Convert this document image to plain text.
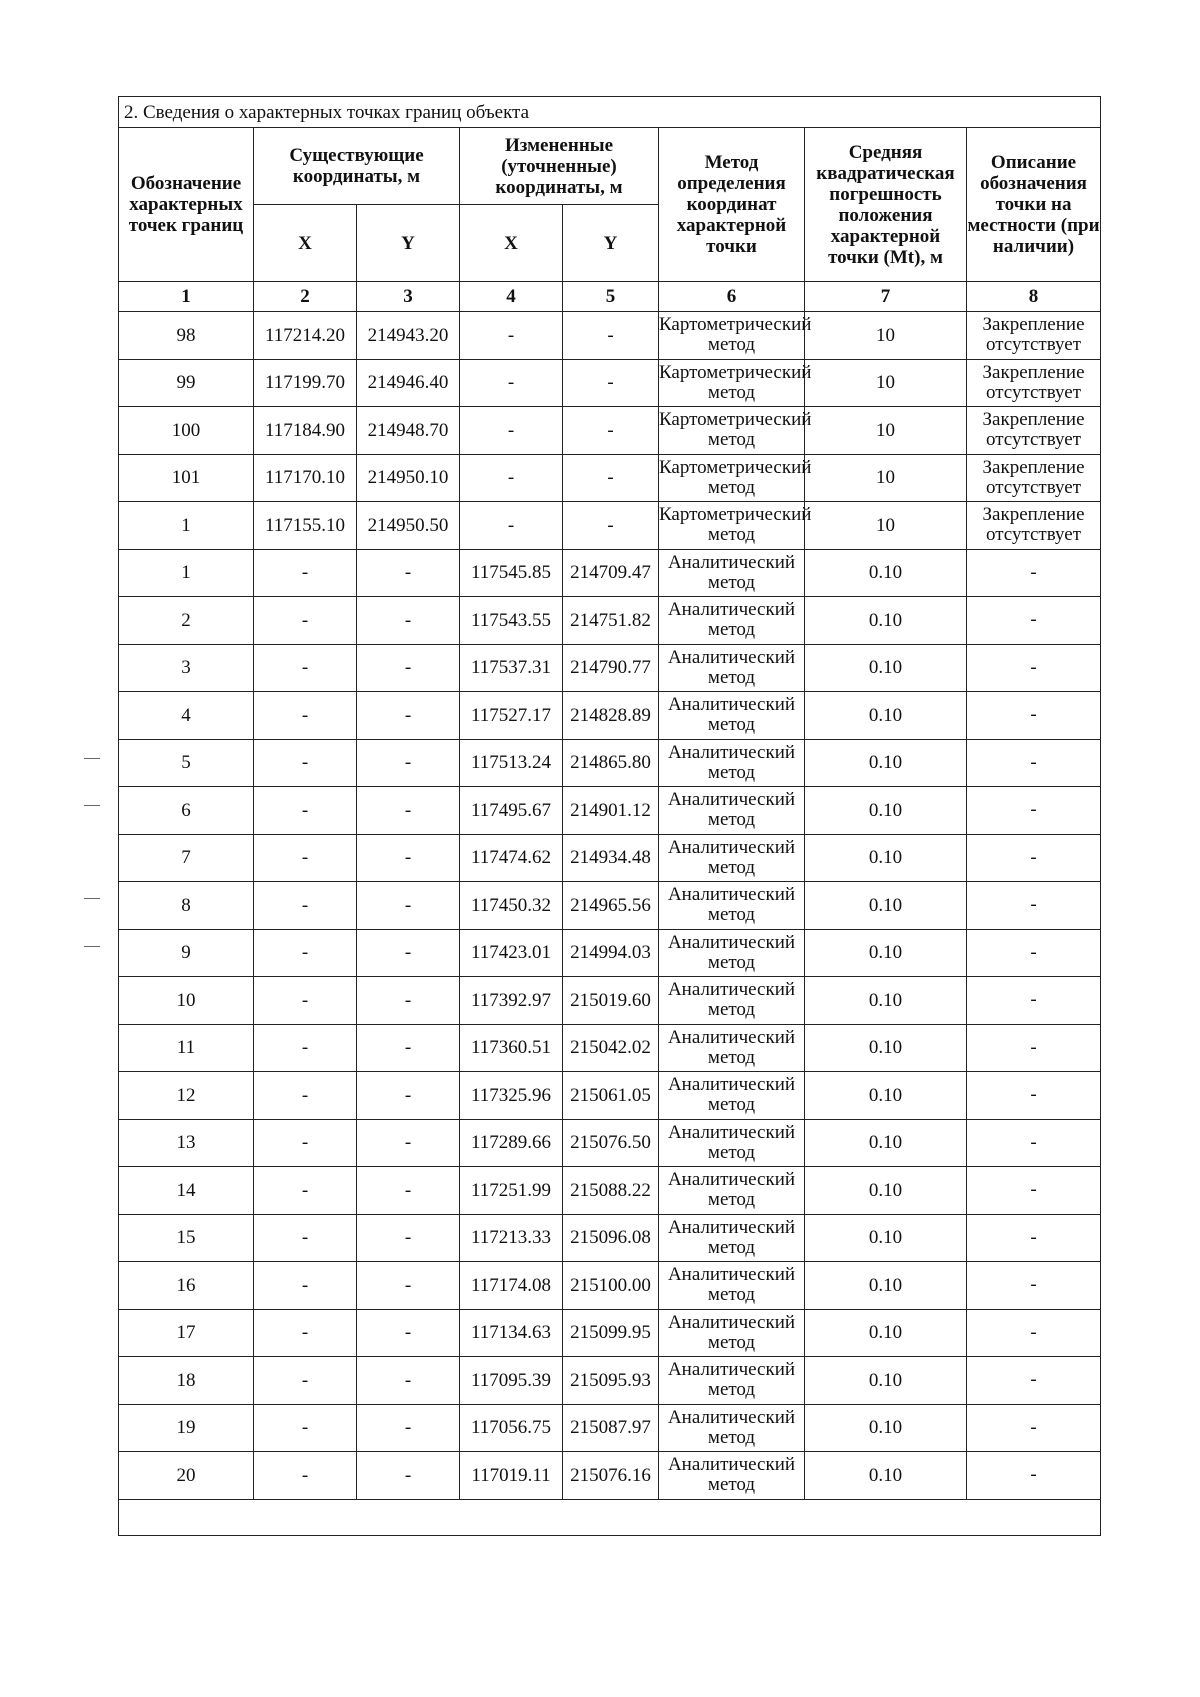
2. Сведения о характерных точках границ объекта							
Обозначение характерных точек границ	Существующие координаты, м		Измененные (уточненные) координаты, м		Метод определения координат характерной точки	Средняя квадратическая погрешность положения характерной точки (Mt), м	Описание обозначения точки на местности (при наличии)
	X	Y	X	Y			
1	2	3	4	5	6	7	8
98	117214.20	214943.20	-	-	Картометрический метод	10	Закрепление отсутствует
99	117199.70	214946.40	-	-	Картометрический метод	10	Закрепление отсутствует
100	117184.90	214948.70	-	-	Картометрический метод	10	Закрепление отсутствует
101	117170.10	214950.10	-	-	Картометрический метод	10	Закрепление отсутствует
1	117155.10	214950.50	-	-	Картометрический метод	10	Закрепление отсутствует
1	-	-	117545.85	214709.47	Аналитический метод	0.10	-
2	-	-	117543.55	214751.82	Аналитический метод	0.10	-
3	-	-	117537.31	214790.77	Аналитический метод	0.10	-
4	-	-	117527.17	214828.89	Аналитический метод	0.10	-
5	-	-	117513.24	214865.80	Аналитический метод	0.10	-
6	-	-	117495.67	214901.12	Аналитический метод	0.10	-
7	-	-	117474.62	214934.48	Аналитический метод	0.10	-
8	-	-	117450.32	214965.56	Аналитический метод	0.10	-
9	-	-	117423.01	214994.03	Аналитический метод	0.10	-
10	-	-	117392.97	215019.60	Аналитический метод	0.10	-
11	-	-	117360.51	215042.02	Аналитический метод	0.10	-
12	-	-	117325.96	215061.05	Аналитический метод	0.10	-
13	-	-	117289.66	215076.50	Аналитический метод	0.10	-
14	-	-	117251.99	215088.22	Аналитический метод	0.10	-
15	-	-	117213.33	215096.08	Аналитический метод	0.10	-
16	-	-	117174.08	215100.00	Аналитический метод	0.10	-
17	-	-	117134.63	215099.95	Аналитический метод	0.10	-
18	-	-	117095.39	215095.93	Аналитический метод	0.10	-
19	-	-	117056.75	215087.97	Аналитический метод	0.10	-
20	-	-	117019.11	215076.16	Аналитический метод	0.10	-
